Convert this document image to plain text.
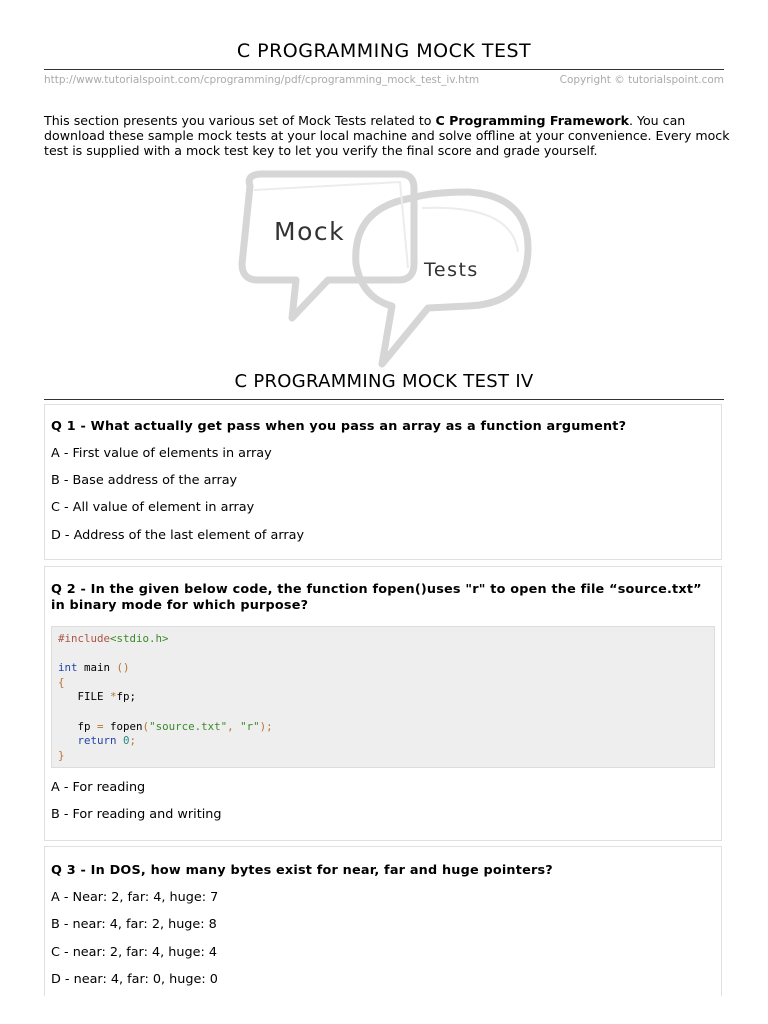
C PROGRAMMING MOCK TEST
http://www.tutorialspoint.com/cprogramming/pdf/cprogramming_mock_test_iv.htm	Copyright © tutorialspoint.com
This section presents you various set of Mock Tests related to C Programming Framework. You can download these sample mock tests at your local machine and solve offline at your convenience. Every mock test is supplied with a mock test key to let you verify the final score and grade yourself.
Mock
Tests
C PROGRAMMING MOCK TEST IV
Q 1 - What actually get pass when you pass an array as a function argument?
A - First value of elements in array
B - Base address of the array
C - All value of element in array
D - Address of the last element of array
Q 2 - In the given below code, the function fopen()uses "r" to open the file “source.txt” in binary mode for which purpose?
#include<stdio.h>

int main ()
{
FILE *fp;

fp = fopen("source.txt", "r");
return 0;
}
A - For reading
B - For reading and writing
Q 3 - In DOS, how many bytes exist for near, far and huge pointers?
A - Near: 2, far: 4, huge: 7
B - near: 4, far: 2, huge: 8
C - near: 2, far: 4, huge: 4
D - near: 4, far: 0, huge: 0
